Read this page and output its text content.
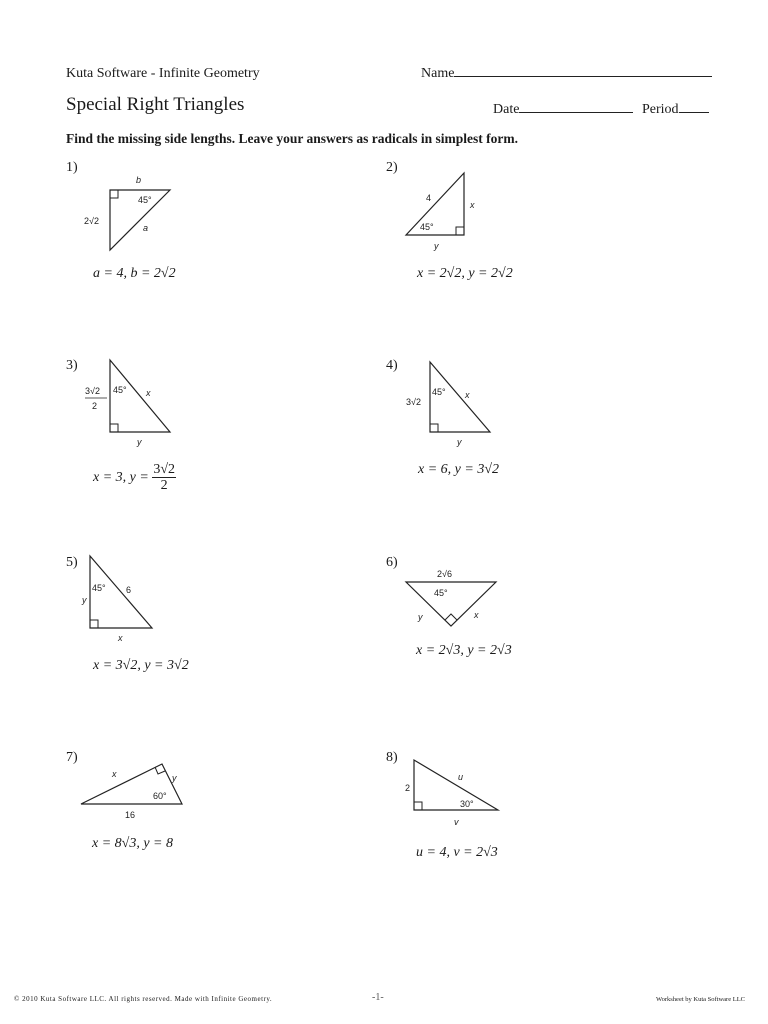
Kuta Software - Infinite Geometry
Special Right Triangles
Name
Date	Period
Find the missing side lengths. Leave your answers as radicals in simplest form.
1)
b
45°
2√2
a
a = 4, b = 2√2
2)
4
x
45°
y
x = 2√2, y = 2√2
3)
3√2
2
45° x
y
x = 3, $y = \frac{3√2}{2}$
4)
3√2
45° x
y
x = 6, y = 3√2
5)
45° 6
y
x
x = 3√2, y = 3√2
6)
2√6
45°
y	x
x = 2√3, y = 2√3
7)
x	y
60°
16
x = 8√3, y = 8
8)
u
2
30°
v
u = 4, v = 2√3
© 2010 Kuta Software LLC. All rights reserved. Made with Infinite Geometry.	-1-	Worksheet by Kuta Software LLC
